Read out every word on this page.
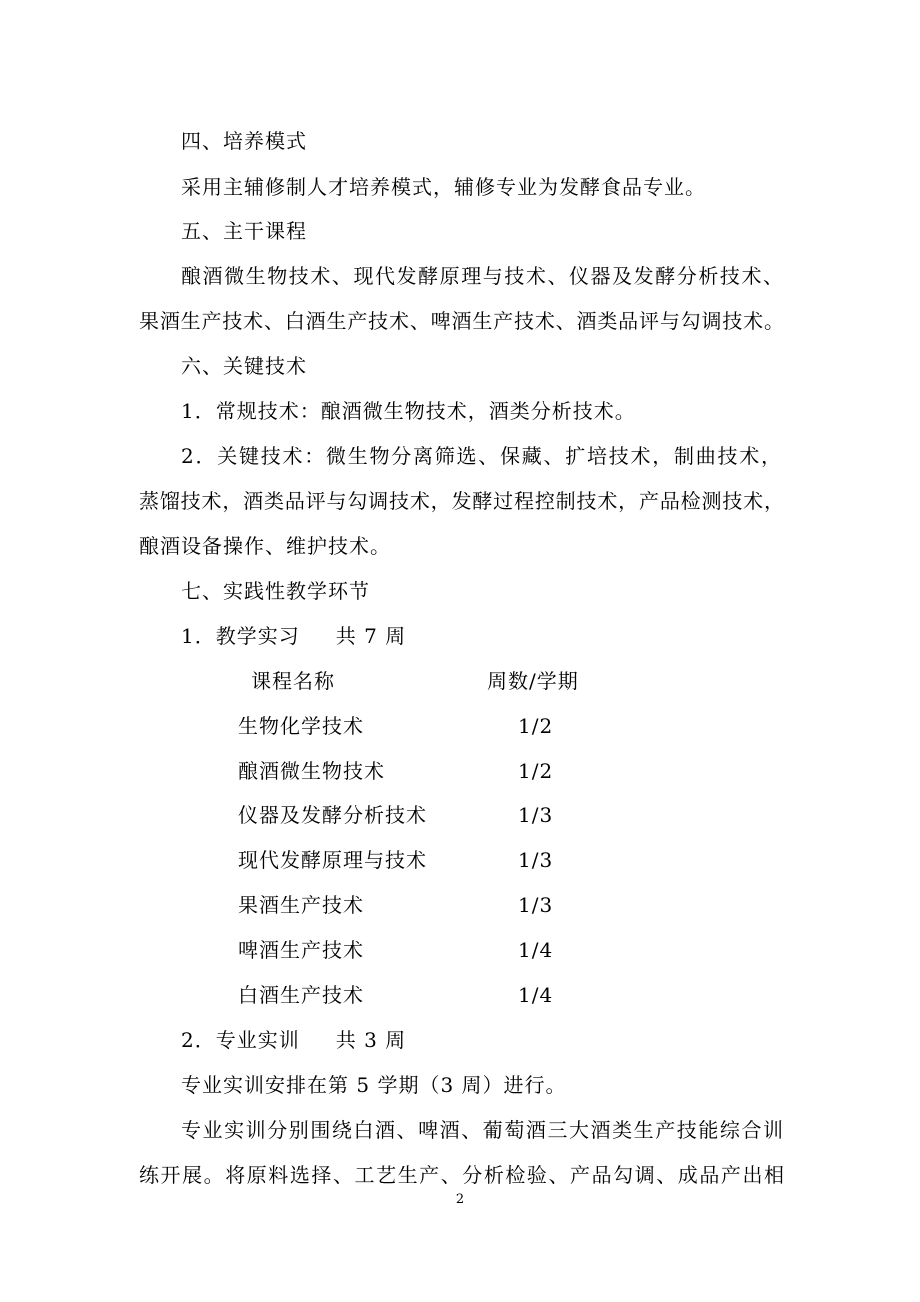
四、培养模式
采用主辅修制人才培养模式，辅修专业为发酵食品专业。
五、主干课程
酿酒微生物技术、现代发酵原理与技术、仪器及发酵分析技术、
果酒生产技术、白酒生产技术、啤酒生产技术、酒类品评与勾调技术。
六、关键技术
1．常规技术：酿酒微生物技术，酒类分析技术。
2．关键技术：微生物分离筛选、保藏、扩培技术，制曲技术，
蒸馏技术，酒类品评与勾调技术，发酵过程控制技术，产品检测技术，
酿酒设备操作、维护技术。
七、实践性教学环节
1．教学实习 共 7 周
课程名称	周数/学期
生物化学技术	1/2
酿酒微生物技术	1/2
仪器及发酵分析技术	1/3
现代发酵原理与技术	1/3
果酒生产技术	1/3
啤酒生产技术	1/4
白酒生产技术	1/4
2．专业实训 共 3 周
专业实训安排在第 5 学期（3 周）进行。
专业实训分别围绕白酒、啤酒、葡萄酒三大酒类生产技能综合训
练开展。将原料选择、工艺生产、分析检验、产品勾调、成品产出相
2
